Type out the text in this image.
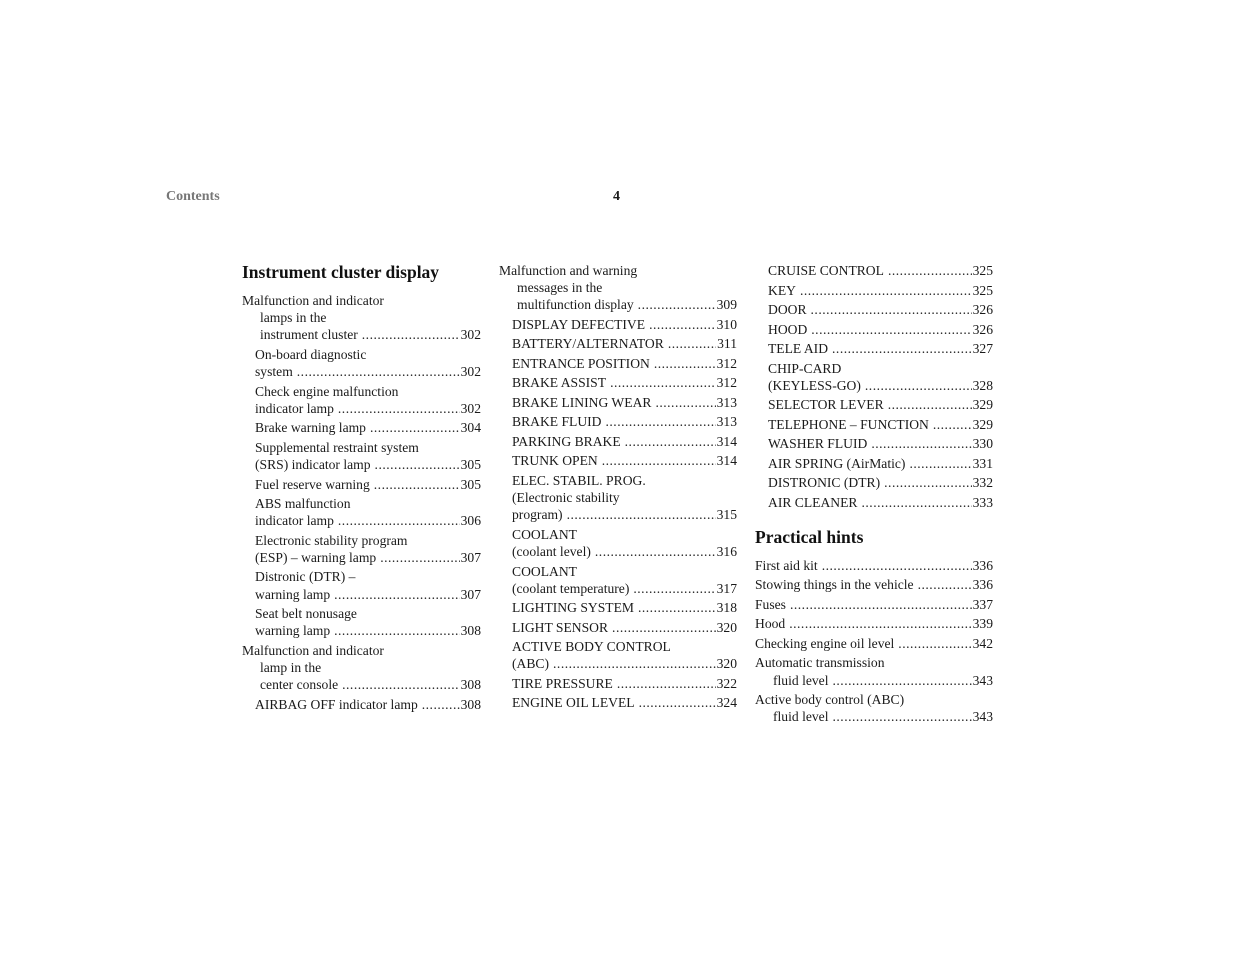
Contents	4
Instrument cluster display
Malfunction and indicator
lamps in the
instrument cluster .....	302
On-board diagnostic
system .....	302
Check engine malfunction
indicator lamp .....	302
Brake warning lamp .....	304
Supplemental restraint system
(SRS) indicator lamp .....	305
Fuel reserve warning .....	305
ABS malfunction
indicator lamp .....	306
Electronic stability program
(ESP) – warning lamp .....	307
Distronic (DTR) –
warning lamp .....	307
Seat belt nonusage
warning lamp .....	308
Malfunction and indicator
lamp in the
center console .....	308
AIRBAG OFF indicator lamp .....	308
Malfunction and warning
messages in the
multifunction display .....	309
DISPLAY DEFECTIVE .....	310
BATTERY/ALTERNATOR .....	311
ENTRANCE POSITION .....	312
BRAKE ASSIST .....	312
BRAKE LINING WEAR .....	313
BRAKE FLUID .....	313
PARKING BRAKE .....	314
TRUNK OPEN .....	314
ELEC. STABIL. PROG.
(Electronic stability
program) .....	315
COOLANT
(coolant level) .....	316
COOLANT
(coolant temperature) .....	317
LIGHTING SYSTEM .....	318
LIGHT SENSOR .....	320
ACTIVE BODY CONTROL
(ABC) .....	320
TIRE PRESSURE .....	322
ENGINE OIL LEVEL .....	324
CRUISE CONTROL .....	325
KEY .....	325
DOOR .....	326
HOOD .....	326
TELE AID .....	327
CHIP-CARD
(KEYLESS-GO) .....	328
SELECTOR LEVER .....	329
TELEPHONE – FUNCTION .....	329
WASHER FLUID .....	330
AIR SPRING (AirMatic) .....	331
DISTRONIC (DTR) .....	332
AIR CLEANER .....	333
Practical hints
First aid kit .....	336
Stowing things in the vehicle .....	336
Fuses .....	337
Hood .....	339
Checking engine oil level .....	342
Automatic transmission
fluid level .....	343
Active body control (ABC)
fluid level .....	343
